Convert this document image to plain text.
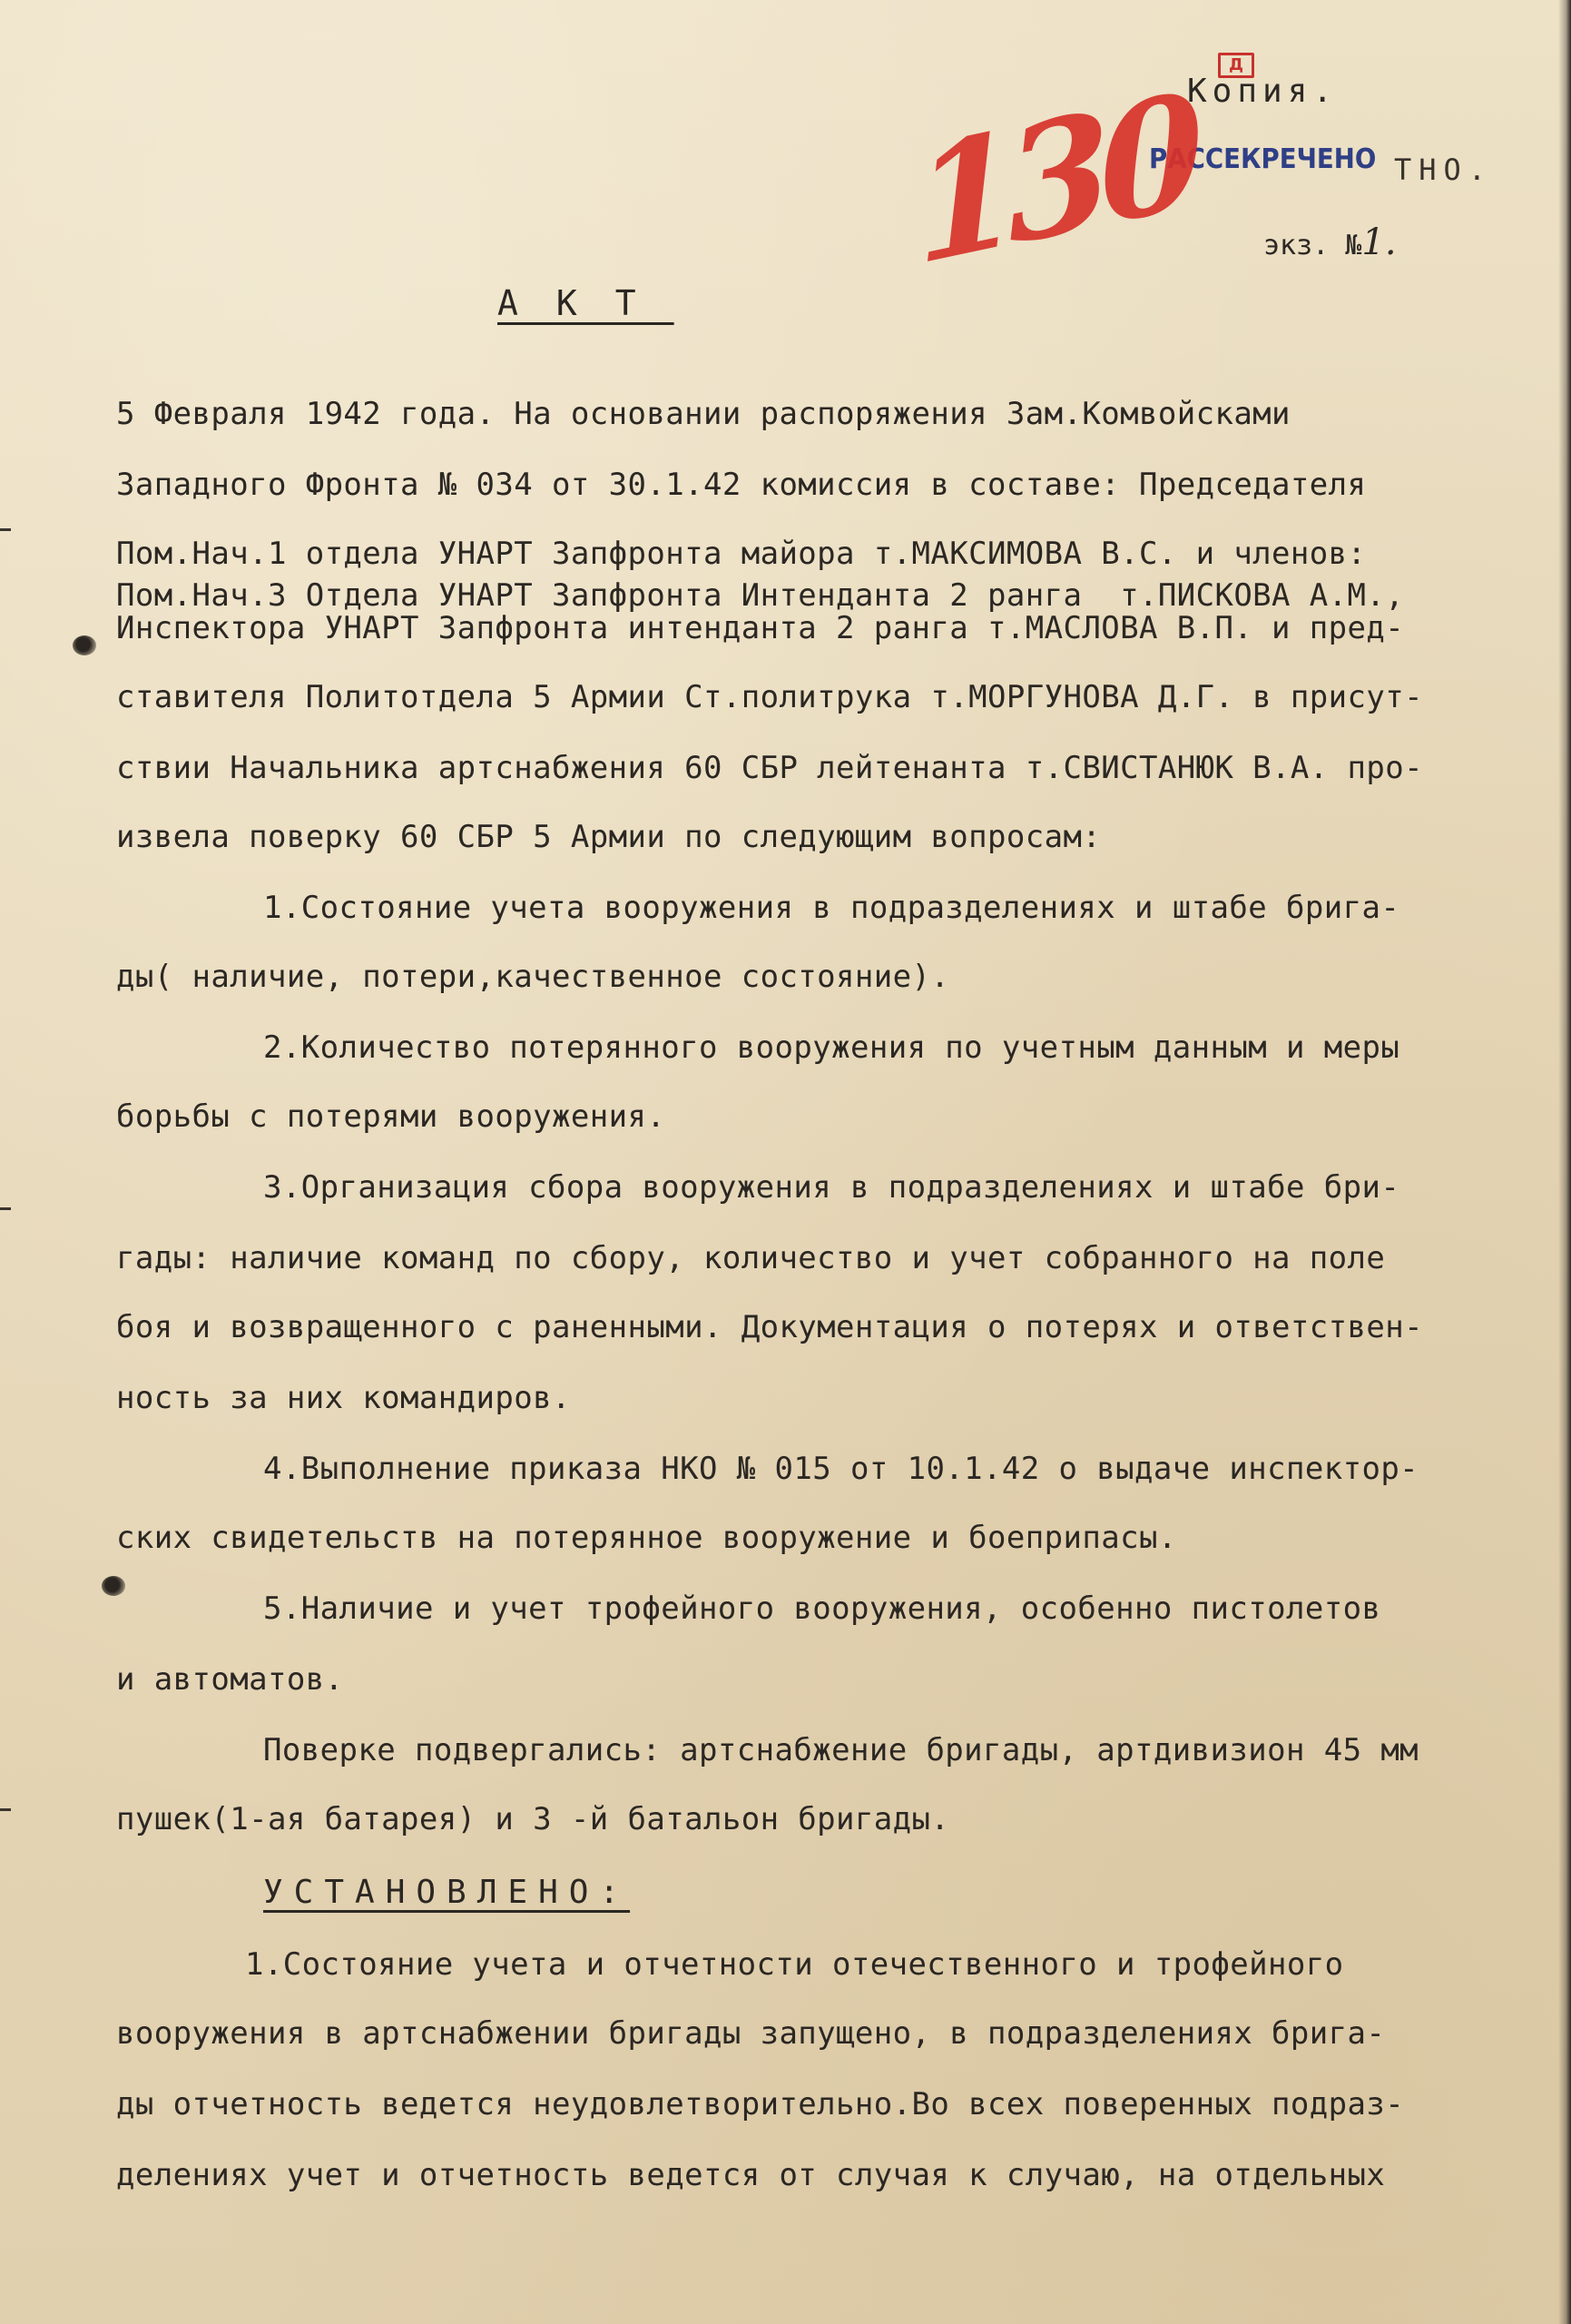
Д
Копия.
РАССЕКРЕЧЕНО ТНО.
экз. №1.
130
АКТ
5 Февраля 1942 года. На основании распоряжения Зам.Комвойсками
Западного Фронта № 034 от 30.1.42 комиссия в составе: Председателя
Пом.Нач.1 отдела УНАРТ Запфронта майора т.МАКСИМОВА В.С. и членов:
Пом.Нач.3 Отдела УНАРТ Запфронта Интенданта 2 ранга  т.ПИСКОВА А.М.,
Инспектора УНАРТ Запфронта интенданта 2 ранга т.МАСЛОВА В.П. и пред-
ставителя Политотдела 5 Армии Ст.политрука т.МОРГУНОВА Д.Г. в присут-
ствии Начальника артснабжения 60 СБР лейтенанта т.СВИСТАНЮК В.А. про-
извела поверку 60 СБР 5 Армии по следующим вопросам:
1.Состояние учета вооружения в подразделениях и штабе брига-
ды( наличие, потери,качественное состояние).
2.Количество потерянного вооружения по учетным данным и меры
борьбы с потерями вооружения.
3.Организация сбора вооружения в подразделениях и штабе бри-
гады: наличие команд по сбору, количество и учет собранного на поле
боя и возвращенного с раненными. Документация о потерях и ответствен-
ность за них командиров.
4.Выполнение приказа НКО № 015 от 10.1.42 о выдаче инспектор-
ских свидетельств на потерянное вооружение и боеприпасы.
5.Наличие и учет трофейного вооружения, особенно пистолетов
и автоматов.
Поверке подвергались: артснабжение бригады, артдивизион 45 мм
пушек(1-ая батарея) и 3 -й батальон бригады.
УСТАНОВЛЕНО:
1.Состояние учета и отчетности отечественного и трофейного
вооружения в артснабжении бригады запущено, в подразделениях брига-
ды отчетность ведется неудовлетворительно.Во всех поверенных подраз-
делениях учет и отчетность ведется от случая к случаю, на отдельных
